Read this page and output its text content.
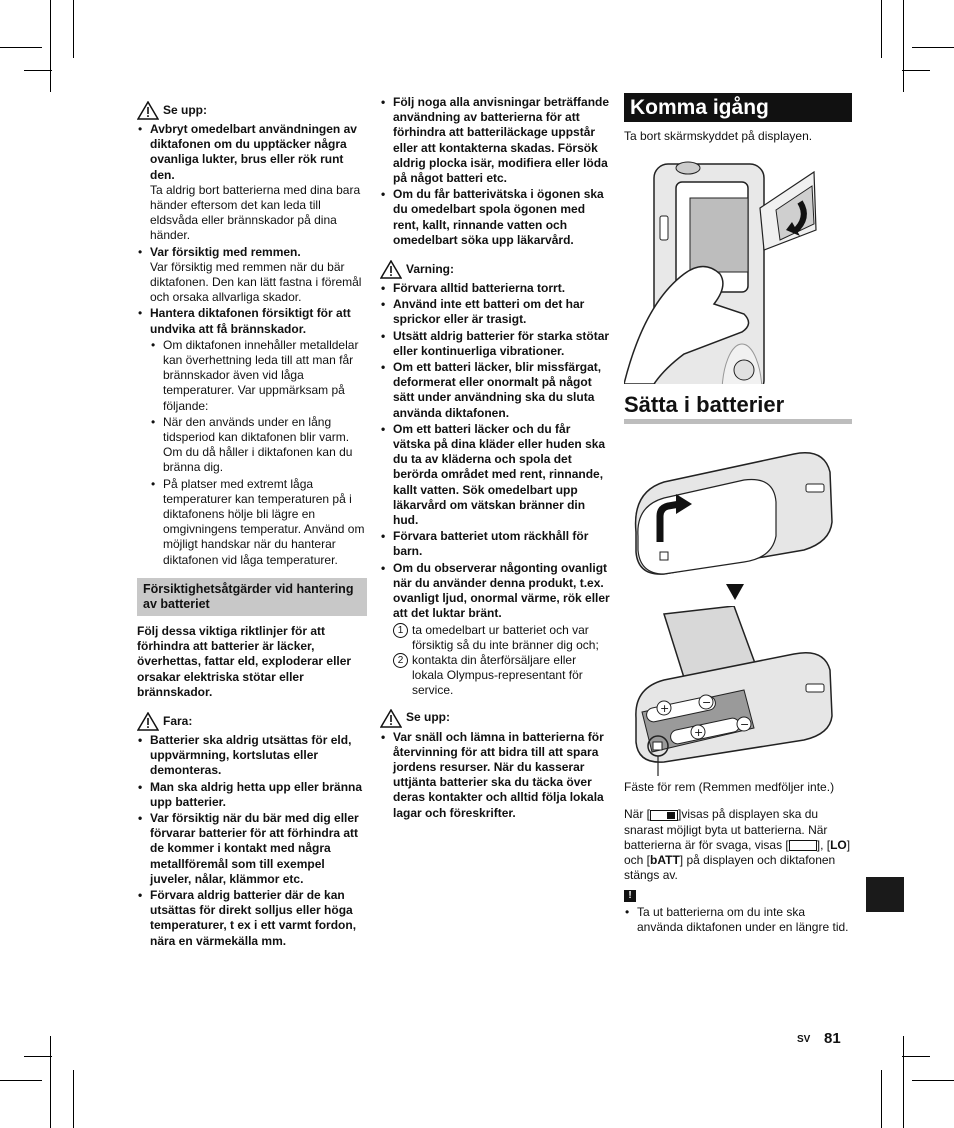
Se upp:
• Avbryt omedelbart användningen av diktafonen om du upptäcker några ovanliga lukter, brus eller rök runt den.
Ta aldrig bort batterierna med dina bara händer eftersom det kan leda till eldsvåda eller brännskador på dina händer.
• Var försiktig med remmen.
Var försiktig med remmen när du bär diktafonen. Den kan lätt fastna i föremål och orsaka allvarliga skador.
• Hantera diktafonen försiktigt för att undvika att få brännskador.
• Om diktafonen innehåller metalldelar kan överhettning leda till att man får brännskador även vid låga temperaturer. Var uppmärksam på följande:
• När den används under en lång tidsperiod kan diktafonen blir varm. Om du då håller i diktafonen kan du bränna dig.
• På platser med extremt låga temperaturer kan temperaturen på i diktafonens hölje bli lägre en omgivningens temperatur. Använd om möjligt handskar när du hanterar diktafonen vid låga temperaturer.
Försiktighetsåtgärder vid hantering av batteriet
Följ dessa viktiga riktlinjer för att förhindra att batterier är läcker, överhettas, fattar eld, exploderar eller orsakar elektriska stötar eller brännskador.
Fara:
• Batterier ska aldrig utsättas för eld, uppvärmning, kortslutas eller demonteras.
• Man ska aldrig hetta upp eller bränna upp batterier.
• Var försiktig när du bär med dig eller förvarar batterier för att förhindra att de kommer i kontakt med några metallföremål som till exempel juveler, nålar, klämmor etc.
• Förvara aldrig batterier där de kan utsättas för direkt solljus eller höga temperaturer, t ex i ett varmt fordon, nära en värmekälla mm.
• Följ noga alla anvisningar beträffande användning av batterierna för att förhindra att batteriläckage uppstår eller att kontakterna skadas. Försök aldrig plocka isär, modifiera eller löda på något batteri etc.
• Om du får batterivätska i ögonen ska du omedelbart spola ögonen med rent, kallt, rinnande vatten och omedelbart söka upp läkarvård.
Varning:
• Förvara alltid batterierna torrt.
• Använd inte ett batteri om det har sprickor eller är trasigt.
• Utsätt aldrig batterier för starka stötar eller kontinuerliga vibrationer.
• Om ett batteri läcker, blir missfärgat, deformerat eller onormalt på något sätt under användning ska du sluta använda diktafonen.
• Om ett batteri läcker och du får vätska på dina kläder eller huden ska du ta av kläderna och spola det berörda området med rent, rinnande, kallt vatten. Sök omedelbart upp läkarvård om vätskan bränner din hud.
• Förvara batteriet utom räckhåll för barn.
• Om du observerar någonting ovanligt när du använder denna produkt, t.ex. ovanligt ljud, onormal värme, rök eller att det luktar bränt.
1 ta omedelbart ur batteriet och var försiktig så du inte bränner dig och;
2 kontakta din återförsäljare eller lokala Olympus-representant för service.
Se upp:
• Var snäll och lämna in batterierna för återvinning för att bidra till att spara jordens resurser. När du kasserar uttjänta batterier ska du täcka över deras kontakter och alltid följa lokala lagar och föreskrifter.
Komma igång
Ta bort skärmskyddet på displayen.
Sätta i batterier
+	−
−
+
Fäste för rem (Remmen medföljer inte.)
När [ ]visas på displayen ska du snarast möjligt byta ut batterierna. När batterierna är för svaga, visas [ ], [LO] och [bATT] på displayen och diktafonen stängs av.
!
• Ta ut batterierna om du inte ska använda diktafonen under en längre tid.
SV 81
